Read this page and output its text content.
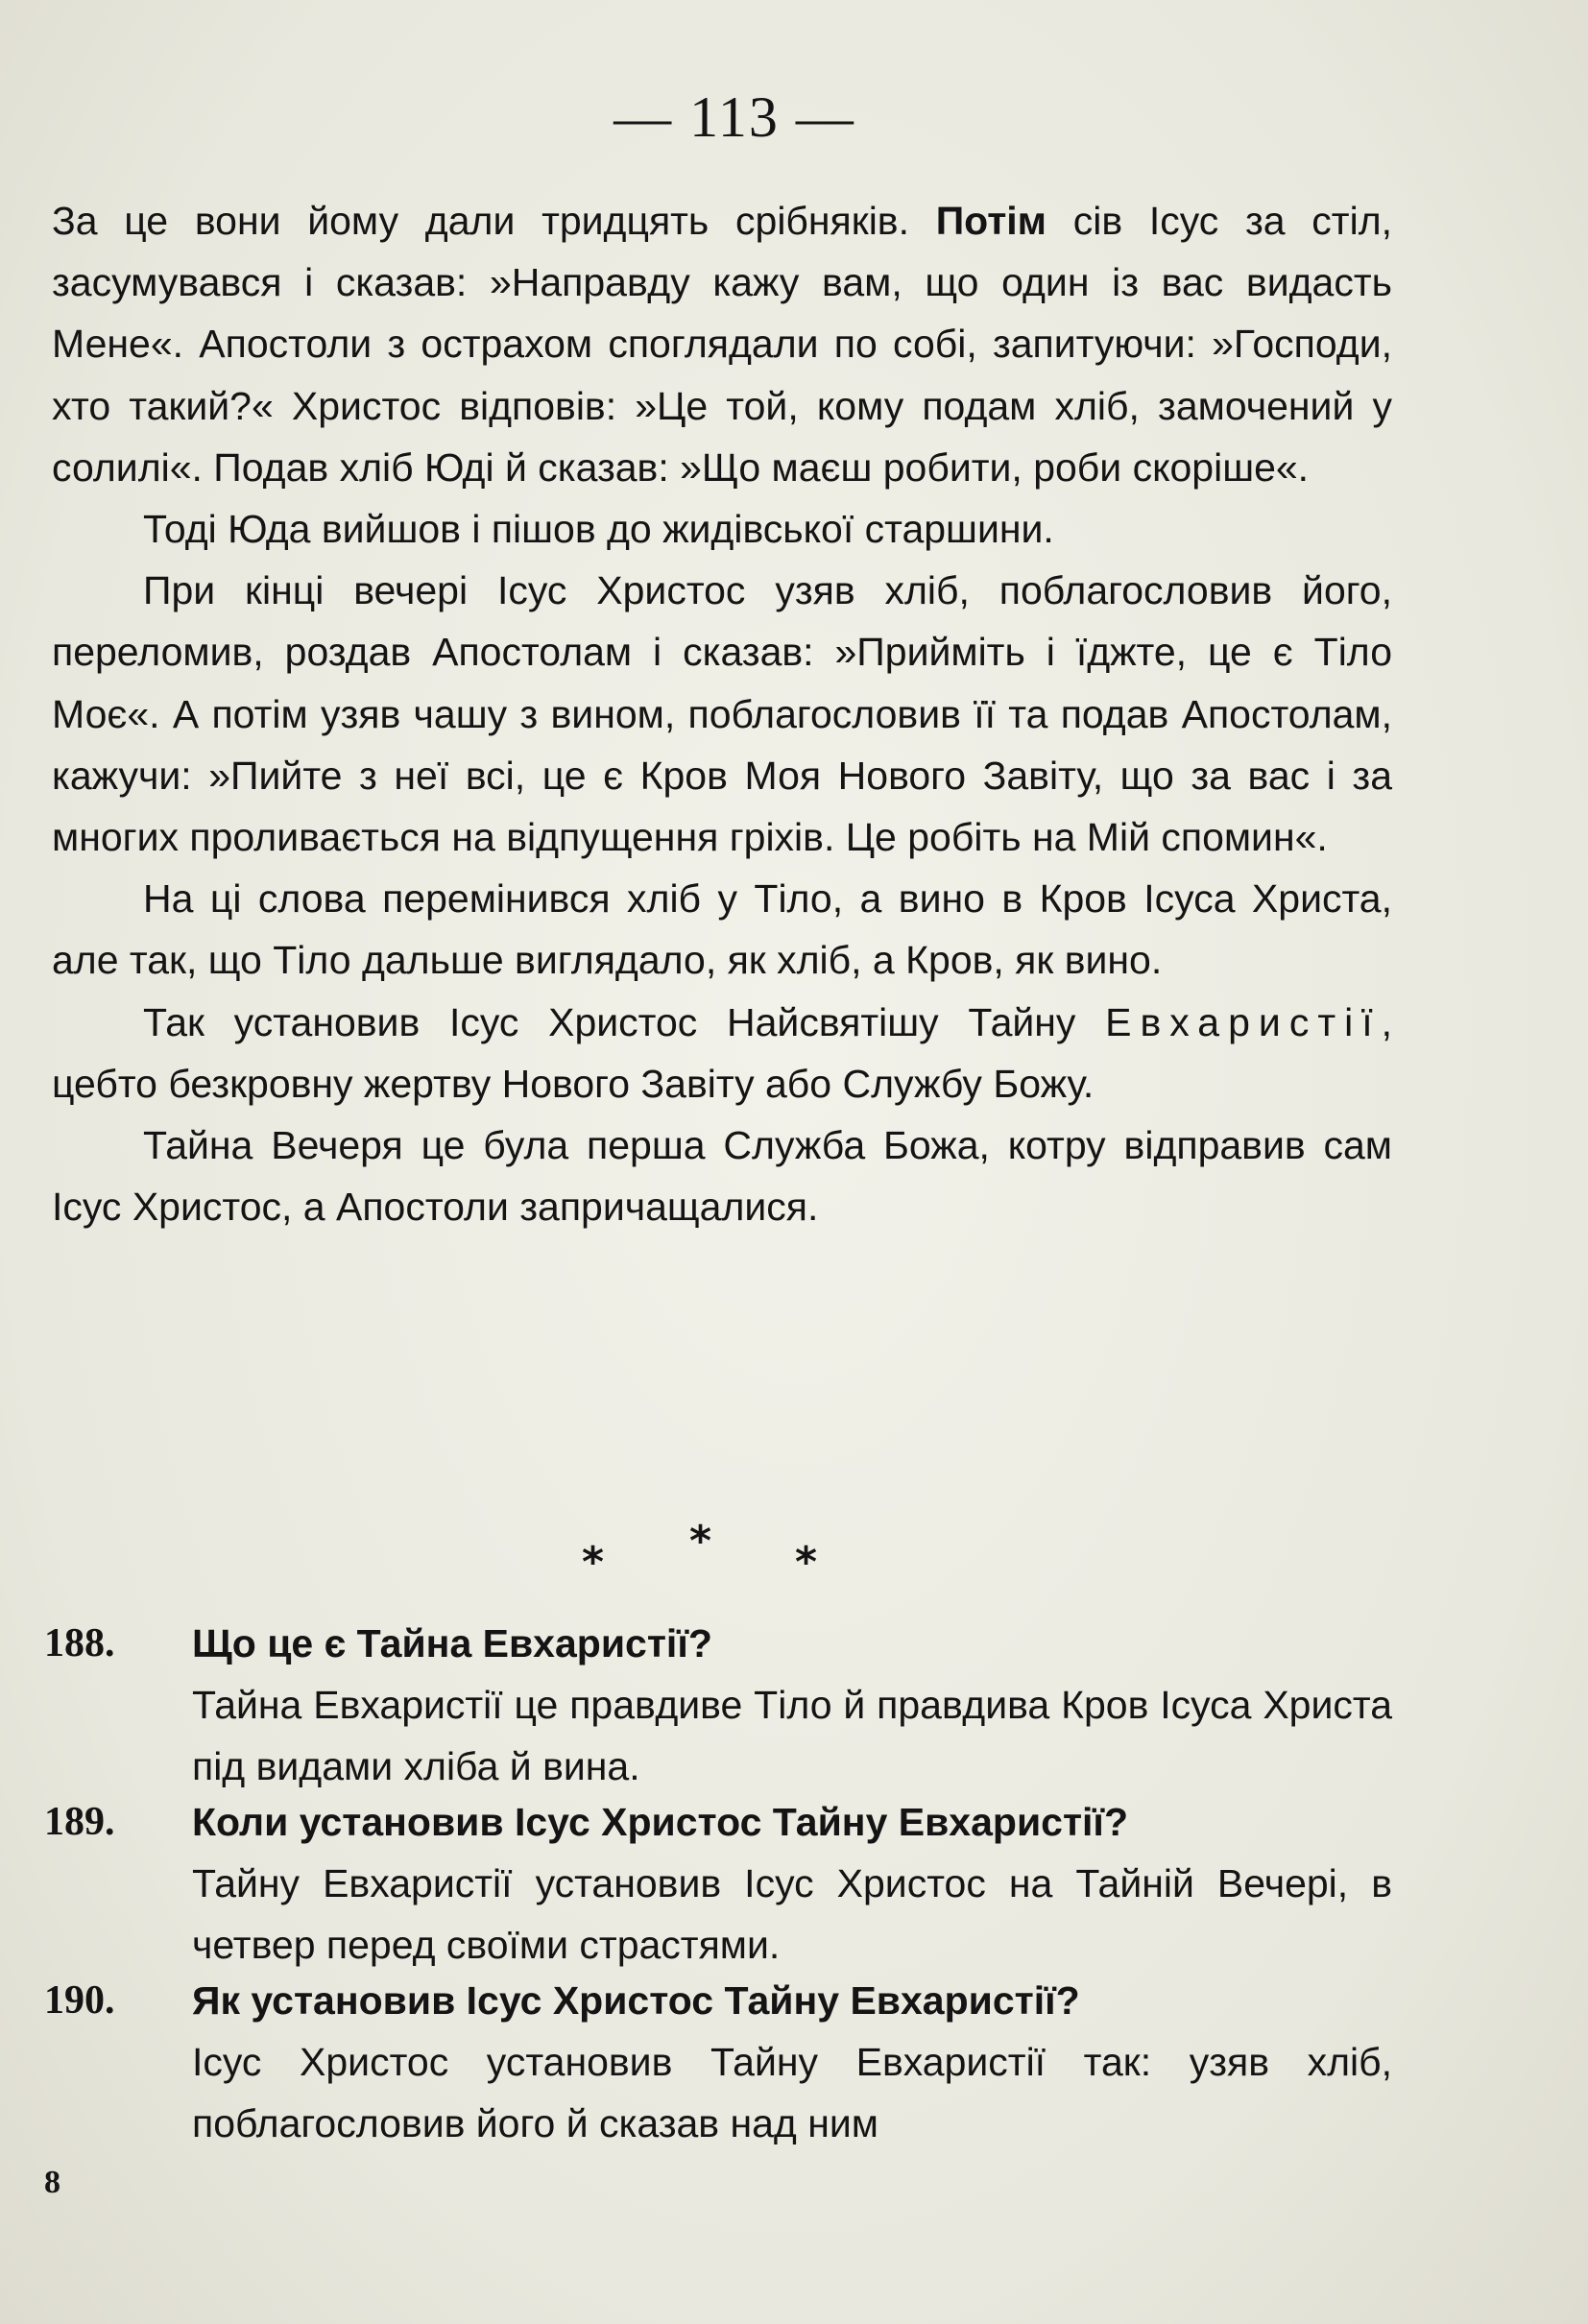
— 113 —

За це вони йому дали тридцять срібняків. Потім сів Ісус за стіл, засумувався і сказав: »Направду кажу вам, що один із вас видасть Мене«. Апостоли з острахом споглядали по собі, запитуючи: »Господи, хто такий?« Христос відповів: »Це той, кому подам хліб, замочений у солилі«. Подав хліб Юді й сказав: »Що маєш робити, роби скоріше«.

Тоді Юда вийшов і пішов до жидівської старшини.

При кінці вечері Ісус Христос узяв хліб, поблагословив його, переломив, роздав Апостолам і сказав: »Прийміть і їджте, це є Тіло Моє«. А потім узяв чашу з вином, поблагословив її та подав Апостолам, кажучи: »Пийте з неї всі, це є Кров Моя Нового Завіту, що за вас і за многих проливається на відпущення гріхів. Це робіть на Мій спомин«.

На ці слова перемінився хліб у Тіло, а вино в Кров Ісуса Христа, але так, що Тіло дальше виглядало, як хліб, а Кров, як вино.

Так установив Ісус Христос Найсвятішу Тайну Евхаристії, цебто безкровну жертву Нового Завіту або Службу Божу.

Тайна Вечеря це була перша Служба Божа, котру відправив сам Ісус Христос, а Апостоли запричащалися.

*
*	*
188. Що це є Тайна Евхаристії?
Тайна Евхаристії це правдиве Тіло й правдива Кров Ісуса Христа під видами хліба й вина.
189. Коли установив Ісус Христос Тайну Евхаристії?
Тайну Евхаристії установив Ісус Христос на Тайній Вечері, в четвер перед своїми страстями.
190. Як установив Ісус Христос Тайну Евхаристії?
Ісус Христос установив Тайну Евхаристії так: узяв хліб, поблагословив його й сказав над ним
8
